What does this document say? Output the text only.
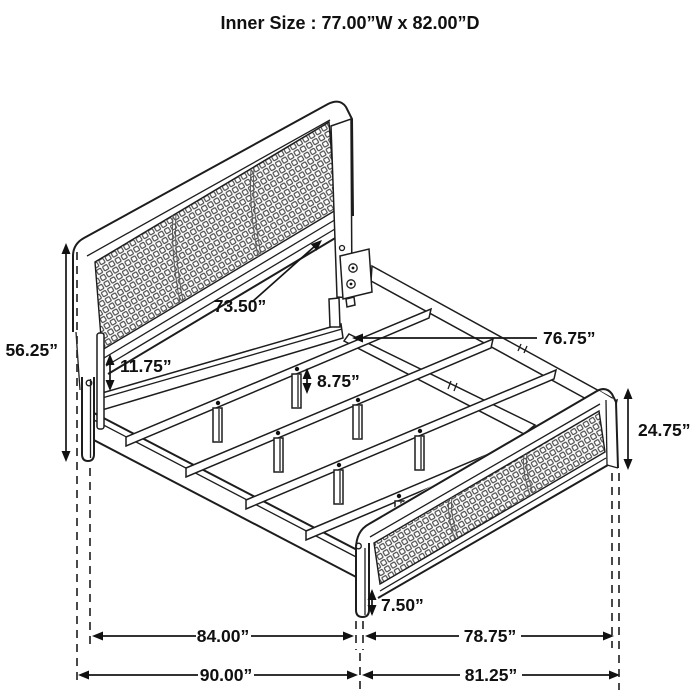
56.25”
11.75”
73.50”
8.75”
76.75”
24.75”
7.50”
84.00”	78.75”
90.00”	81.25”
Inner Size : 77.00”W x 82.00”D
